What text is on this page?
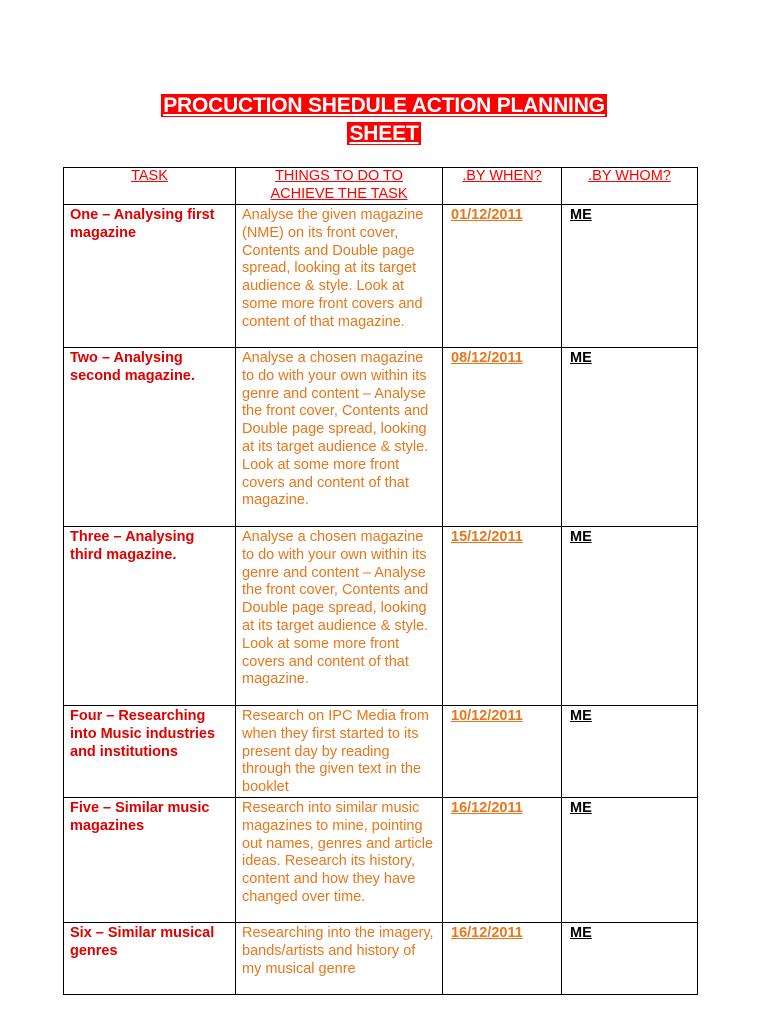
PROCUCTION SHEDULE ACTION PLANNING
SHEET
TASK	THINGS TO DO TO ACHIEVE THE TASK	.BY WHEN?	.BY WHOM?
One – Analysing first magazine	Analyse the given magazine (NME) on its front cover, Contents and Double page spread, looking at its target audience & style. Look at some more front covers and content of that magazine.	01/12/2011	ME
Two – Analysing second magazine.	Analyse a chosen magazine to do with your own within its genre and content – Analyse the front cover, Contents and Double page spread, looking at its target audience & style. Look at some more front covers and content of that magazine.	08/12/2011	ME
Three – Analysing third magazine.	Analyse a chosen magazine to do with your own within its genre and content – Analyse the front cover, Contents and Double page spread, looking at its target audience & style. Look at some more front covers and content of that magazine.	15/12/2011	ME
Four – Researching into Music industries and institutions	Research on IPC Media from when they first started to its present day by reading through the given text in the booklet	10/12/2011	ME
Five – Similar music magazines	Research into similar music magazines to mine, pointing out names, genres and article ideas. Research its history, content and how they have changed over time.	16/12/2011	ME
Six – Similar musical genres	Researching into the imagery, bands/artists and history of my musical genre	16/12/2011	ME
